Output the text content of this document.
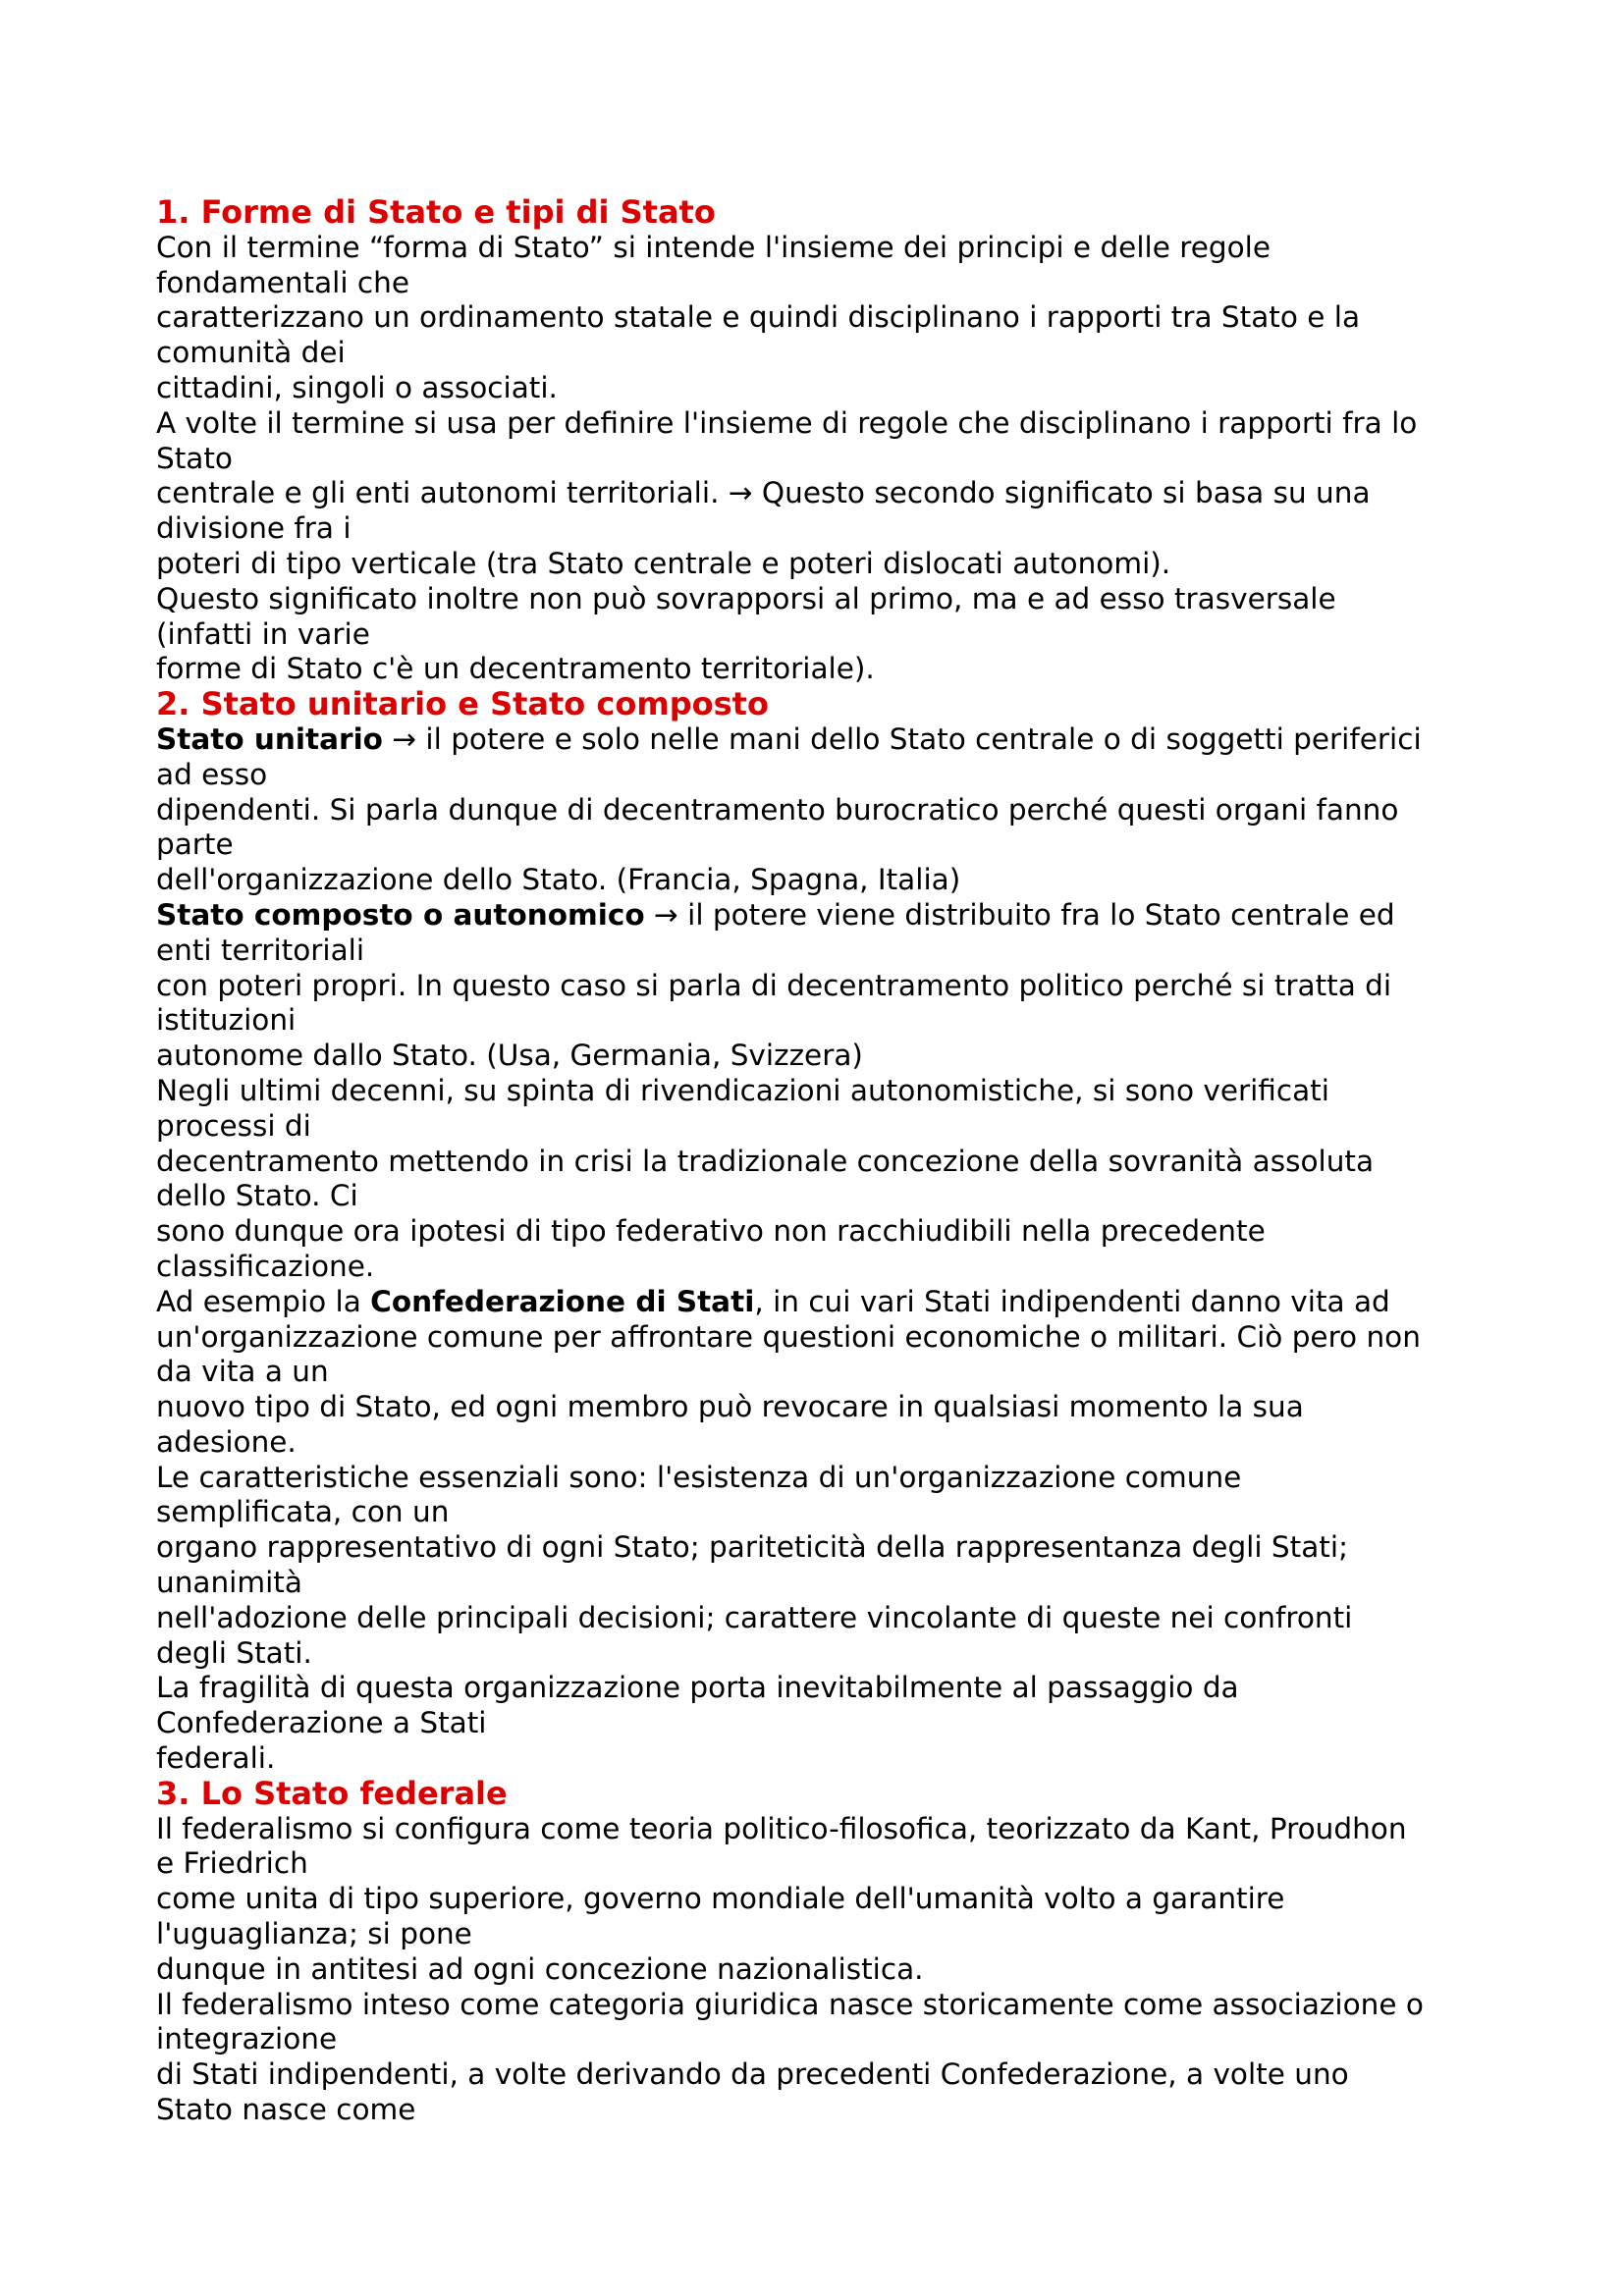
1. Forme di Stato e tipi di Stato

Con il termine “forma di Stato” si intende l'insieme dei principi e delle regole

fondamentali che

caratterizzano un ordinamento statale e quindi disciplinano i rapporti tra Stato e la

comunità dei

cittadini, singoli o associati.

A volte il termine si usa per definire l'insieme di regole che disciplinano i rapporti fra lo

Stato

centrale e gli enti autonomi territoriali. → Questo secondo significato si basa su una

divisione fra i

poteri di tipo verticale (tra Stato centrale e poteri dislocati autonomi).

Questo significato inoltre non può sovrapporsi al primo, ma e ad esso trasversale

(infatti in varie

forme di Stato c'è un decentramento territoriale).

2. Stato unitario e Stato composto

Stato unitario → il potere e solo nelle mani dello Stato centrale o di soggetti periferici

ad esso

dipendenti. Si parla dunque di decentramento burocratico perché questi organi fanno

parte

dell'organizzazione dello Stato. (Francia, Spagna, Italia)

Stato composto o autonomico → il potere viene distribuito fra lo Stato centrale ed

enti territoriali

con poteri propri. In questo caso si parla di decentramento politico perché si tratta di

istituzioni

autonome dallo Stato. (Usa, Germania, Svizzera)

Negli ultimi decenni, su spinta di rivendicazioni autonomistiche, si sono verificati

processi di

decentramento mettendo in crisi la tradizionale concezione della sovranità assoluta

dello Stato. Ci

sono dunque ora ipotesi di tipo federativo non racchiudibili nella precedente

classificazione.

Ad esempio la Confederazione di Stati, in cui vari Stati indipendenti danno vita ad

un'organizzazione comune per affrontare questioni economiche o militari. Ciò pero non

da vita a un

nuovo tipo di Stato, ed ogni membro può revocare in qualsiasi momento la sua

adesione.

Le caratteristiche essenziali sono: l'esistenza di un'organizzazione comune

semplificata, con un

organo rappresentativo di ogni Stato; pariteticità della rappresentanza degli Stati;

unanimità

nell'adozione delle principali decisioni; carattere vincolante di queste nei confronti

degli Stati.

La fragilità di questa organizzazione porta inevitabilmente al passaggio da

Confederazione a Stati

federali.

3. Lo Stato federale

Il federalismo si configura come teoria politico-filosofica, teorizzato da Kant, Proudhon

e Friedrich

come unita di tipo superiore, governo mondiale dell'umanità volto a garantire

l'uguaglianza; si pone

dunque in antitesi ad ogni concezione nazionalistica.

Il federalismo inteso come categoria giuridica nasce storicamente come associazione o

integrazione

di Stati indipendenti, a volte derivando da precedenti Confederazione, a volte uno

Stato nasce come
